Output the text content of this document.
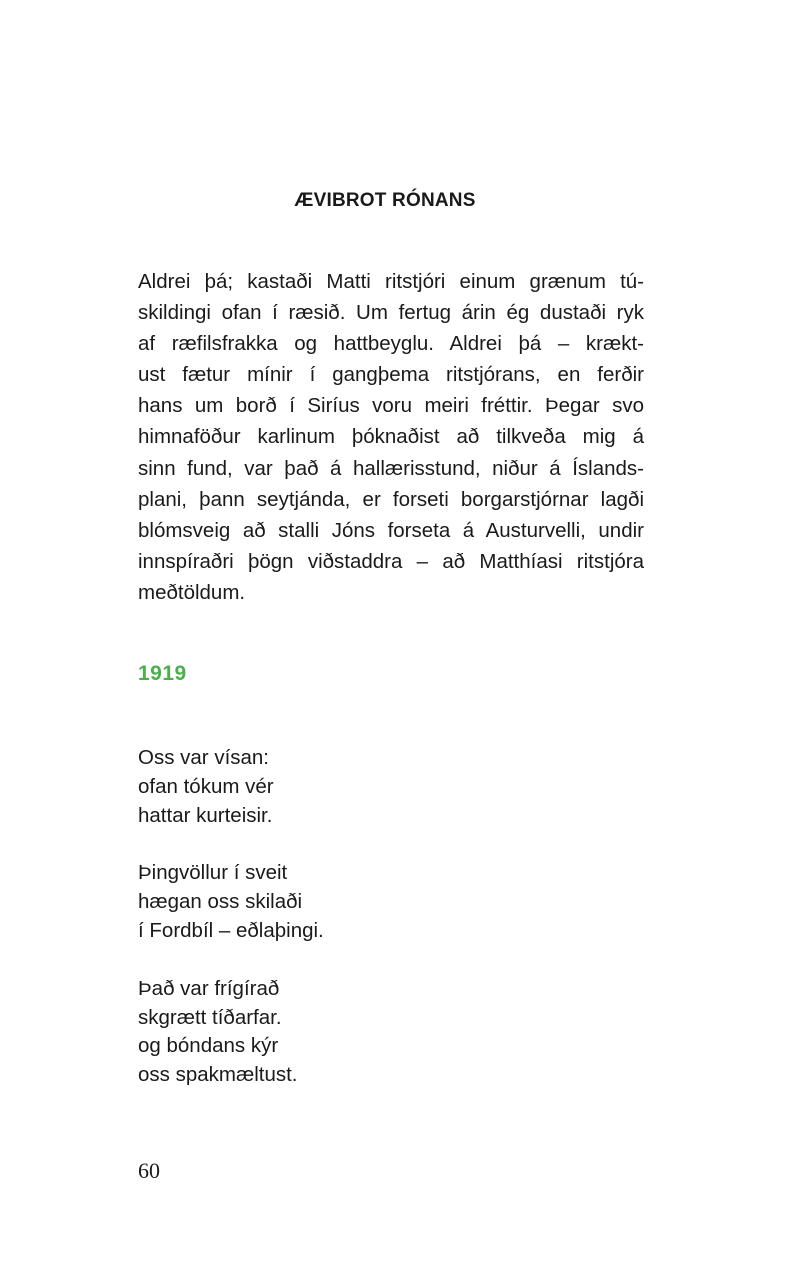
ÆVIBROT RÓNANS
Aldrei þá; kastaði Matti ritstjóri einum grænum tú-
skildingi ofan í ræsið. Um fertug árin ég dustaði ryk
af ræfilsfrakka og hattbeyglu. Aldrei þá – krækt-
ust fætur mínir í gangþema ritstjórans, en ferðir
hans um borð í Siríus voru meiri fréttir. Þegar svo
himnaföður karlinum þóknaðist að tilkveða mig á
sinn fund, var það á hallærisstund, niður á Íslands-
plani, þann seytjánda, er forseti borgarstjórnar lagði
blómsveig að stalli Jóns forseta á Austurvelli, undir
innspíraðri þögn viðstaddra – að Matthíasi ritstjóra
meðtöldum.
1919
Oss var vísan:
ofan tókum vér
hattar kurteisir.
Þingvöllur í sveit
hægan oss skilaði
í Fordbíl – eðlaþingi.
Það var frígírað
skgrætt tíðarfar.
og bóndans kýr
oss spakmæltust.
60
